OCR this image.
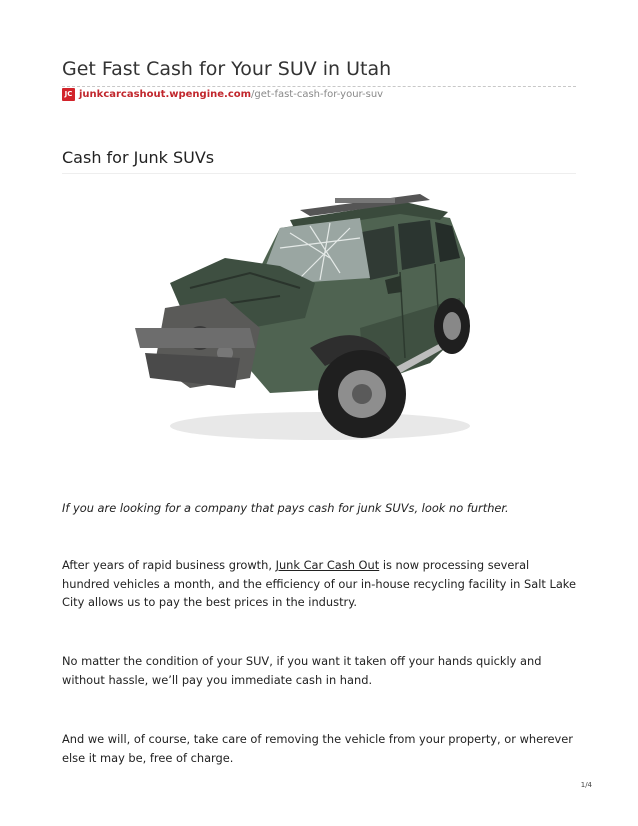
Get Fast Cash for Your SUV in Utah
JC junkcarcashout.wpengine.com/get-fast-cash-for-your-suv
Cash for Junk SUVs

If you are looking for a company that pays cash for junk SUVs, look no further.

After years of rapid business growth, Junk Car Cash Out is now processing several hundred vehicles a month, and the efficiency of our in-house recycling facility in Salt Lake City allows us to pay the best prices in the industry.

No matter the condition of your SUV, if you want it taken off your hands quickly and without hassle, we’ll pay you immediate cash in hand.

And we will, of course, take care of removing the vehicle from your property, or wherever else it may be, free of charge.

1/4
